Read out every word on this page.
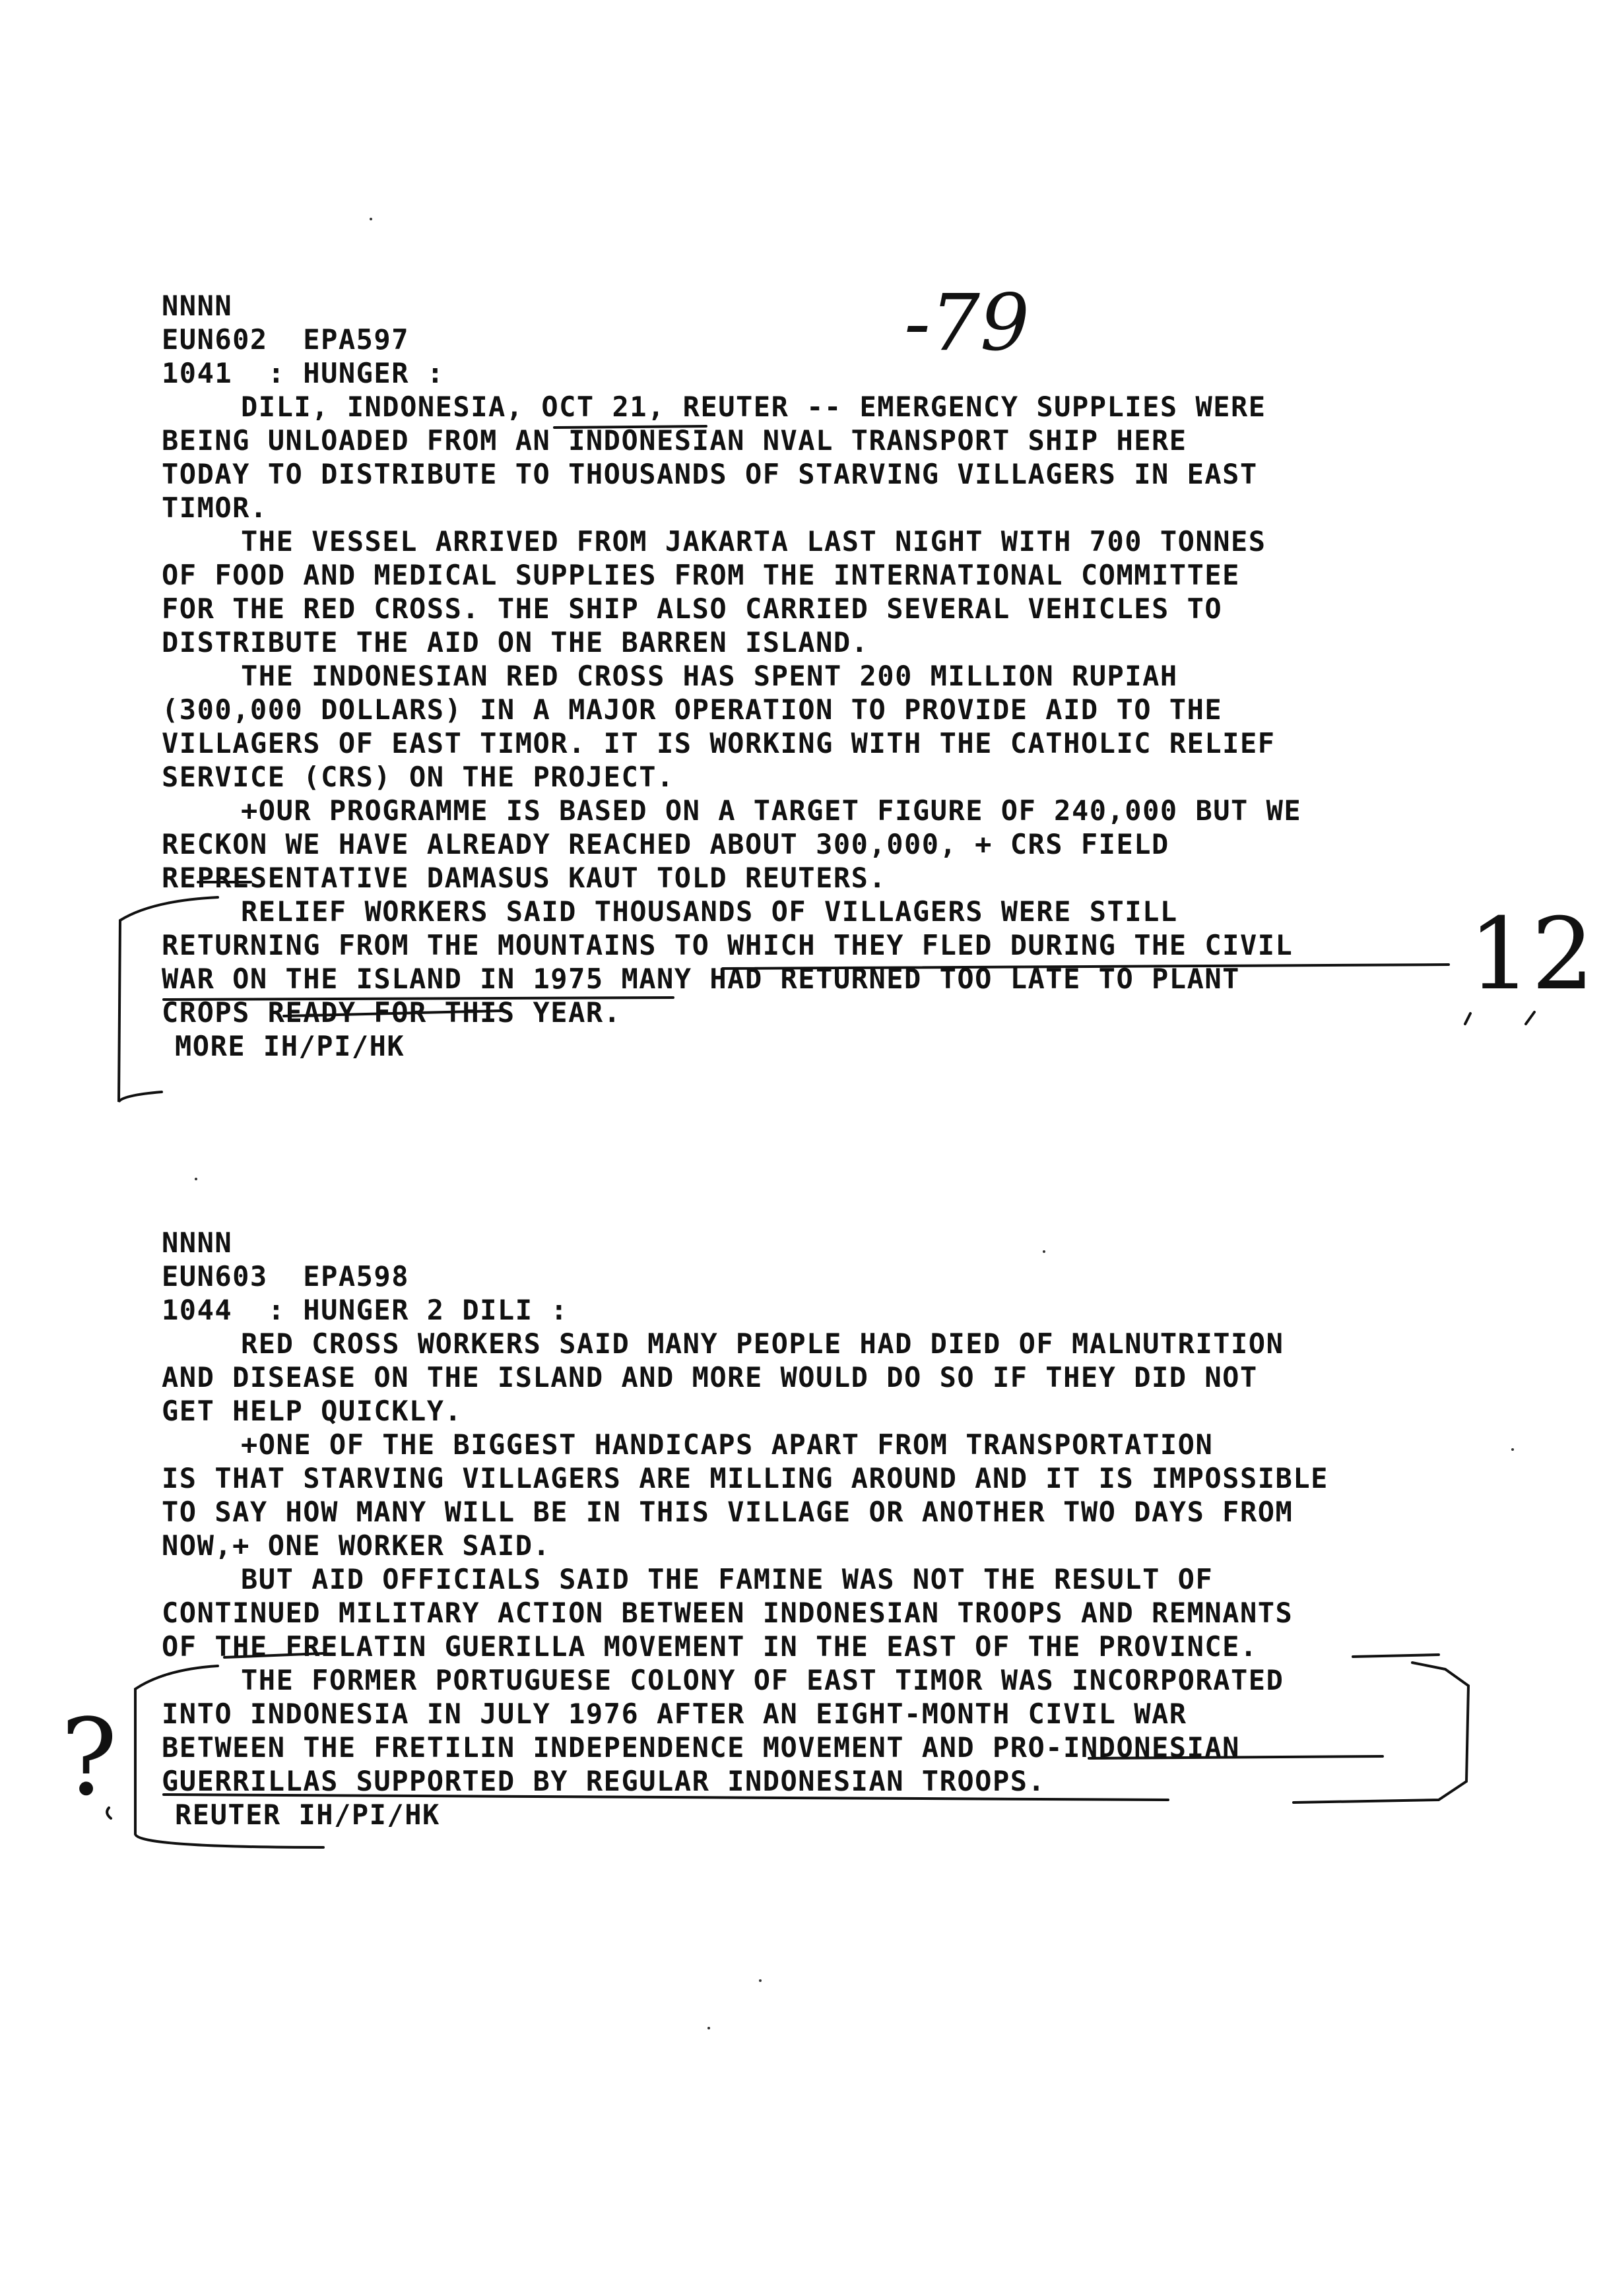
NNNN
EUN602  EPA597
1041  : HUNGER :
DILI, INDONESIA, OCT 21, REUTER -- EMERGENCY SUPPLIES WERE
BEING UNLOADED FROM AN INDONESIAN NVAL TRANSPORT SHIP HERE
TODAY TO DISTRIBUTE TO THOUSANDS OF STARVING VILLAGERS IN EAST
TIMOR.
THE VESSEL ARRIVED FROM JAKARTA LAST NIGHT WITH 700 TONNES
OF FOOD AND MEDICAL SUPPLIES FROM THE INTERNATIONAL COMMITTEE
FOR THE RED CROSS. THE SHIP ALSO CARRIED SEVERAL VEHICLES TO
DISTRIBUTE THE AID ON THE BARREN ISLAND.
THE INDONESIAN RED CROSS HAS SPENT 200 MILLION RUPIAH
(300,000 DOLLARS) IN A MAJOR OPERATION TO PROVIDE AID TO THE
VILLAGERS OF EAST TIMOR. IT IS WORKING WITH THE CATHOLIC RELIEF
SERVICE (CRS) ON THE PROJECT.
+OUR PROGRAMME IS BASED ON A TARGET FIGURE OF 240,000 BUT WE
RECKON WE HAVE ALREADY REACHED ABOUT 300,000, + CRS FIELD
REPRESENTATIVE DAMASUS KAUT TOLD REUTERS.
RELIEF WORKERS SAID THOUSANDS OF VILLAGERS WERE STILL
RETURNING FROM THE MOUNTAINS TO WHICH THEY FLED DURING THE CIVIL
WAR ON THE ISLAND IN 1975 MANY HAD RETURNED TOO LATE TO PLANT
CROPS READY FOR THIS YEAR.
MORE IH/PI/HK
NNNN
EUN603  EPA598
1044  : HUNGER 2 DILI :
RED CROSS WORKERS SAID MANY PEOPLE HAD DIED OF MALNUTRITION
AND DISEASE ON THE ISLAND AND MORE WOULD DO SO IF THEY DID NOT
GET HELP QUICKLY.
+ONE OF THE BIGGEST HANDICAPS APART FROM TRANSPORTATION
IS THAT STARVING VILLAGERS ARE MILLING AROUND AND IT IS IMPOSSIBLE
TO SAY HOW MANY WILL BE IN THIS VILLAGE OR ANOTHER TWO DAYS FROM
NOW,+ ONE WORKER SAID.
BUT AID OFFICIALS SAID THE FAMINE WAS NOT THE RESULT OF
CONTINUED MILITARY ACTION BETWEEN INDONESIAN TROOPS AND REMNANTS
OF THE FRELATIN GUERILLA MOVEMENT IN THE EAST OF THE PROVINCE.
THE FORMER PORTUGUESE COLONY OF EAST TIMOR WAS INCORPORATED
INTO INDONESIA IN JULY 1976 AFTER AN EIGHT-MONTH CIVIL WAR
BETWEEN THE FRETILIN INDEPENDENCE MOVEMENT AND PRO-INDONESIAN
GUERRILLAS SUPPORTED BY REGULAR INDONESIAN TROOPS.
REUTER IH/PI/HK
-79
12
?
